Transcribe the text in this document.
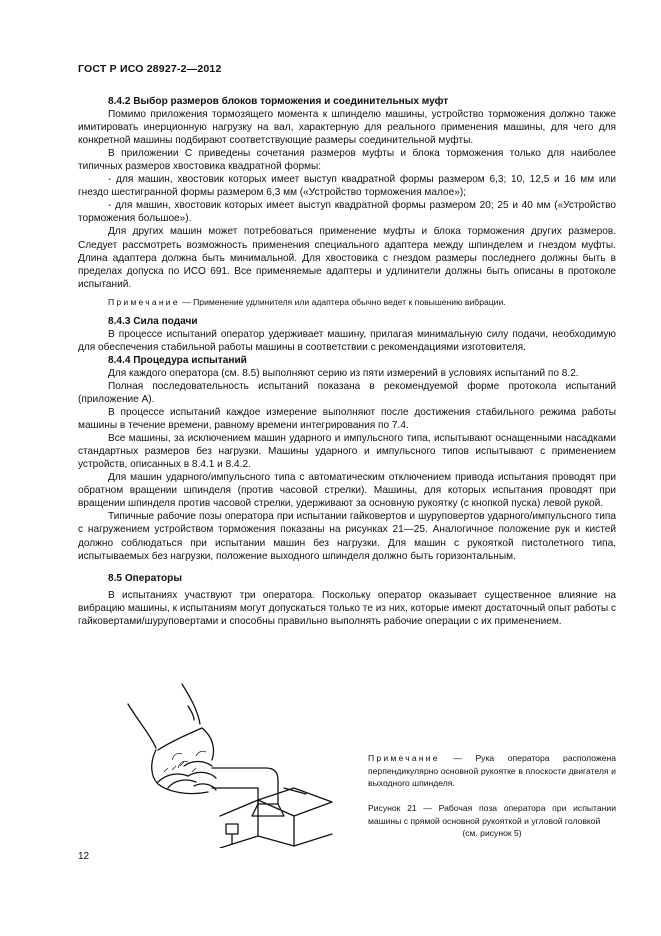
ГОСТ Р ИСО 28927-2—2012
8.4.2 Выбор размеров блоков торможения и соединительных муфт
Помимо приложения тормозящего момента к шпинделю машины, устройство торможения должно также имитировать инерционную нагрузку на вал, характерную для реального применения машины, для чего для конкретной машины подбирают соответствующие размеры соединительной муфты.
В приложении С приведены сочетания размеров муфты и блока торможения только для наиболее типичных размеров хвостовика квадратной формы:
- для машин, хвостовик которых имеет выступ квадратной формы размером 6,3; 10, 12,5 и 16 мм или гнездо шестигранной формы размером 6,3 мм («Устройство торможения малое»);
- для машин, хвостовик которых имеет выступ квадратной формы размером 20; 25 и 40 мм («Устройство торможения большое»).
Для других машин может потребоваться применение муфты и блока торможения других размеров. Следует рассмотреть возможность применения специального адаптера между шпинделем и гнездом муфты. Длина адаптера должна быть минимальной. Для хвостовика с гнездом размеры последнего должны быть в пределах допуска по ИСО 691. Все применяемые адаптеры и удлинители должны быть описаны в протоколе испытаний.
Примечание — Применение удлинителя или адаптера обычно ведет к повышению вибрации.
8.4.3 Сила подачи
В процессе испытаний оператор удерживает машину, прилагая минимальную силу подачи, необходимую для обеспечения стабильной работы машины в соответствии с рекомендациями изготовителя.
8.4.4 Процедура испытаний
Для каждого оператора (см. 8.5) выполняют серию из пяти измерений в условиях испытаний по 8.2.
Полная последовательность испытаний показана в рекомендуемой форме протокола испытаний (приложение А).
В процессе испытаний каждое измерение выполняют после достижения стабильного режима работы машины в течение времени, равному времени интегрирования по 7.4.
Все машины, за исключением машин ударного и импульсного типа, испытывают оснащенными насадками стандартных размеров без нагрузки. Машины ударного и импульсного типов испытывают с применением устройств, описанных в 8.4.1 и 8.4.2.
Для машин ударного/импульсного типа с автоматическим отключением привода испытания проводят при обратном вращении шпинделя (против часовой стрелки). Машины, для которых испытания проводят при вращении шпинделя против часовой стрелки, удерживают за основную рукоятку (с кнопкой пуска) левой рукой.
Типичные рабочие позы оператора при испытании гайковертов и шуруповертов ударного/импульсного типа с нагружением устройством торможения показаны на рисунках 21—25. Аналогичное положение рук и кистей должно соблюдаться при испытании машин без нагрузки. Для машин с рукояткой пистолетного типа, испытываемых без нагрузки, положение выходного шпинделя должно быть горизонтальным.
8.5 Операторы
В испытаниях участвуют три оператора. Поскольку оператор оказывает существенное влияние на вибрацию машины, к испытаниям могут допускаться только те из них, которые имеют достаточный опыт работы с гайковертами/шуруповертами и способны правильно выполнять рабочие операции с их применением.
Примечание — Рука оператора расположена перпендикулярно основной рукоятке в плоскости двигателя и выходного шпинделя.
Рисунок 21 — Рабочая поза оператора при испытании машины с прямой основной рукояткой и угловой головкой
(см. рисунок 5)
12
